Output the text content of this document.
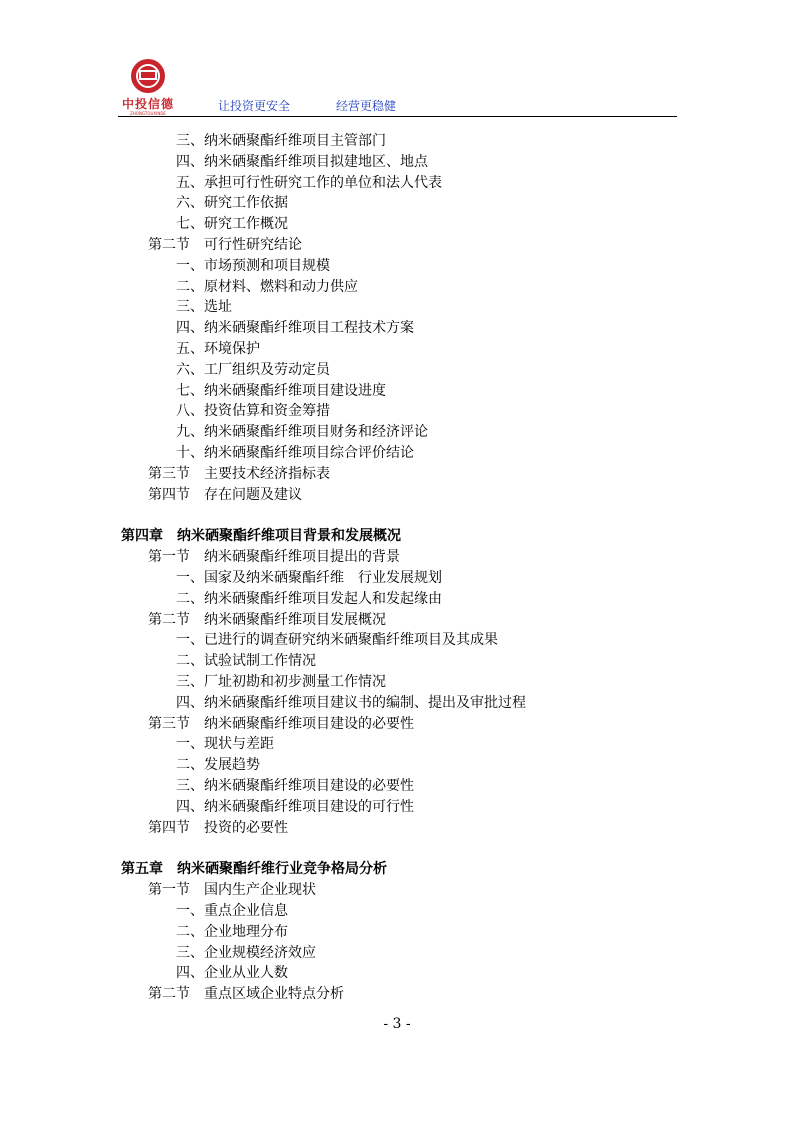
中投信德
ZHONGTOUXINDE
让投资更安全	经营更稳健
三、纳米硒聚酯纤维项目主管部门
四、纳米硒聚酯纤维项目拟建地区、地点
五、承担可行性研究工作的单位和法人代表
六、研究工作依据
七、研究工作概况
第二节　可行性研究结论
一、市场预测和项目规模
二、原材料、燃料和动力供应
三、选址
四、纳米硒聚酯纤维项目工程技术方案
五、环境保护
六、工厂组织及劳动定员
七、纳米硒聚酯纤维项目建设进度
八、投资估算和资金筹措
九、纳米硒聚酯纤维项目财务和经济评论
十、纳米硒聚酯纤维项目综合评价结论
第三节　主要技术经济指标表
第四节　存在问题及建议
第四章　纳米硒聚酯纤维项目背景和发展概况
第一节　纳米硒聚酯纤维项目提出的背景
一、国家及纳米硒聚酯纤维　行业发展规划
二、纳米硒聚酯纤维项目发起人和发起缘由
第二节　纳米硒聚酯纤维项目发展概况
一、已进行的调查研究纳米硒聚酯纤维项目及其成果
二、试验试制工作情况
三、厂址初勘和初步测量工作情况
四、纳米硒聚酯纤维项目建议书的编制、提出及审批过程
第三节　纳米硒聚酯纤维项目建设的必要性
一、现状与差距
二、发展趋势
三、纳米硒聚酯纤维项目建设的必要性
四、纳米硒聚酯纤维项目建设的可行性
第四节　投资的必要性
第五章　纳米硒聚酯纤维行业竞争格局分析
第一节　国内生产企业现状
一、重点企业信息
二、企业地理分布
三、企业规模经济效应
四、企业从业人数
第二节　重点区域企业特点分析
- 3 -
